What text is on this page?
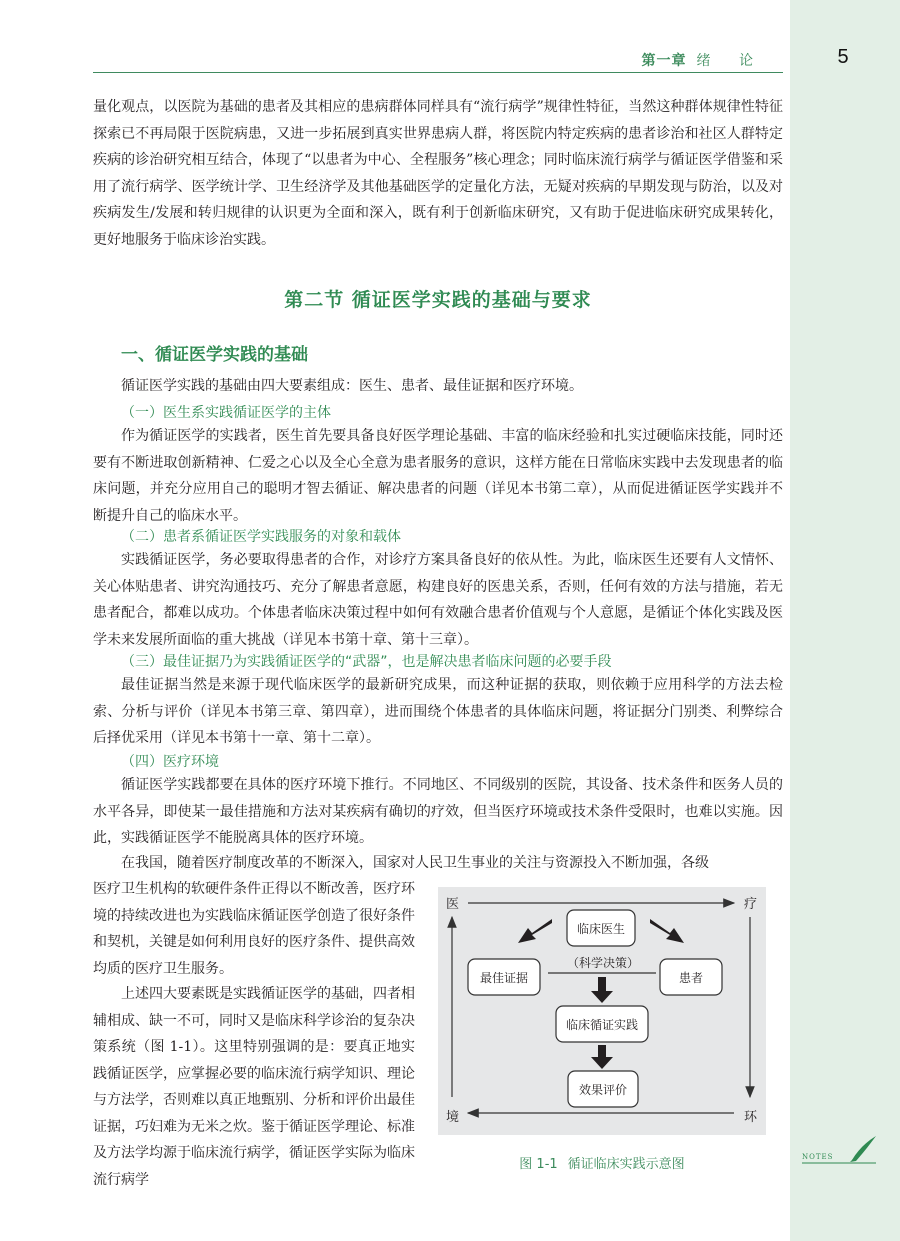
5
第一章 绪 论

量化观点，以医院为基础的患者及其相应的患病群体同样具有“流行病学”规律性特征，当然这种群体规律性特征探索已不再局限于医院病患，又进一步拓展到真实世界患病人群，将医院内特定疾病的患者诊治和社区人群特定疾病的诊治研究相互结合，体现了“以患者为中心、全程服务”核心理念；同时临床流行病学与循证医学借鉴和采用了流行病学、医学统计学、卫生经济学及其他基础医学的定量化方法，无疑对疾病的早期发现与防治，以及对疾病发生/发展和转归规律的认识更为全面和深入，既有利于创新临床研究，又有助于促进临床研究成果转化，更好地服务于临床诊治实践。

第二节 循证医学实践的基础与要求
一、循证医学实践的基础

循证医学实践的基础由四大要素组成：医生、患者、最佳证据和医疗环境。

（一）医生系实践循证医学的主体

作为循证医学的实践者，医生首先要具备良好医学理论基础、丰富的临床经验和扎实过硬临床技能，同时还要有不断进取创新精神、仁爱之心以及全心全意为患者服务的意识，这样方能在日常临床实践中去发现患者的临床问题，并充分应用自己的聪明才智去循证、解决患者的问题（详见本书第二章），从而促进循证医学实践并不断提升自己的临床水平。

（二）患者系循证医学实践服务的对象和载体

实践循证医学，务必要取得患者的合作，对诊疗方案具备良好的依从性。为此，临床医生还要有人文情怀、关心体贴患者、讲究沟通技巧、充分了解患者意愿，构建良好的医患关系，否则，任何有效的方法与措施，若无患者配合，都难以成功。个体患者临床决策过程中如何有效融合患者价值观与个人意愿，是循证个体化实践及医学未来发展所面临的重大挑战（详见本书第十章、第十三章）。

（三）最佳证据乃为实践循证医学的“武器”，也是解决患者临床问题的必要手段

最佳证据当然是来源于现代临床医学的最新研究成果，而这种证据的获取，则依赖于应用科学的方法去检索、分析与评价（详见本书第三章、第四章），进而围绕个体患者的具体临床问题，将证据分门别类、利弊综合后择优采用（详见本书第十一章、第十二章）。

（四）医疗环境

循证医学实践都要在具体的医疗环境下推行。不同地区、不同级别的医院，其设备、技术条件和医务人员的水平各异，即使某一最佳措施和方法对某疾病有确切的疗效，但当医疗环境或技术条件受限时，也难以实施。因此，实践循证医学不能脱离具体的医疗环境。

在我国，随着医疗制度改革的不断深入，国家对人民卫生事业的关注与资源投入不断加强，各级

医疗卫生机构的软硬件条件正得以不断改善，医疗环境的持续改进也为实践临床循证医学创造了很好条件和契机，关键是如何利用良好的医疗条件、提供高效均质的医疗卫生服务。

上述四大要素既是实践循证医学的基础，四者相辅相成、缺一不可，同时又是临床科学诊治的复杂决策系统（图 1-1）。这里特别强调的是：要真正地实践循证医学，应掌握必要的临床流行病学知识、理论与方法学，否则难以真正地甄别、分析和评价出最佳证据，巧妇难为无米之炊。鉴于循证医学理论、标准及方法学均源于临床流行病学，循证医学实际为临床流行病学

医	疗
环
境
临床医生
最佳证据	患者
（科学决策）
临床循证实践
效果评价
图 1-1 循证临床实践示意图	NOTES
